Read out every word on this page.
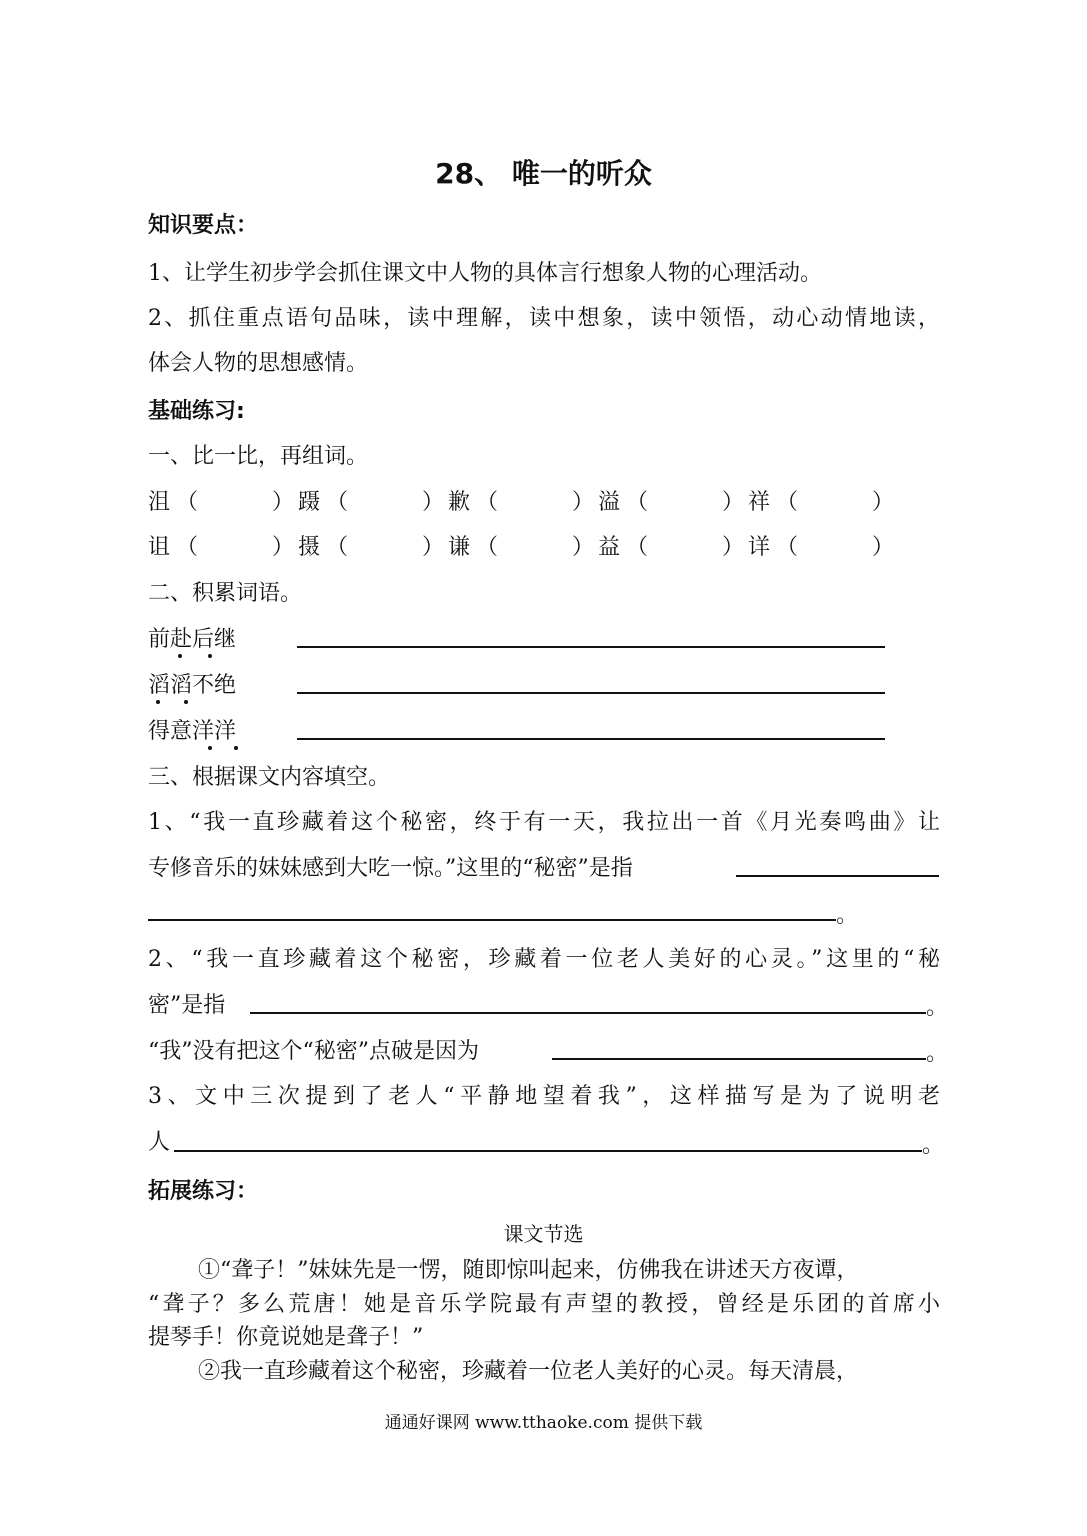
28、 唯一的听众
知识要点：
1、让学生初步学会抓住课文中人物的具体言行想象人物的心理活动。
2、抓住重点语句品味，读中理解，读中想象，读中领悟，动心动情地读，
体会人物的思想感情。
基础练习:
一、比一比，再组词。
沮 （	） 蹑 （	） 歉 （	） 溢 （	） 祥 （	）
诅 （	） 摄 （	） 谦 （	） 益 （	） 详 （	）
二、积累词语。
前赴后继
滔滔不绝
得意洋洋
三、根据课文内容填空。
1、“我一直珍藏着这个秘密，终于有一天，我拉出一首《月光奏鸣曲》让
专修音乐的妹妹感到大吃一惊。”这里的“秘密”是指
。
2、“我一直珍藏着这个秘密，珍藏着一位老人美好的心灵。”这里的“秘
密”是指	。
“我”没有把这个“秘密”点破是因为	。
3、文中三次提到了老人“平静地望着我”，这样描写是为了说明老
人	。
拓展练习：
课文节选
①“聋子！”妹妹先是一愣，随即惊叫起来，仿佛我在讲述天方夜谭，
“聋子？多么荒唐！她是音乐学院最有声望的教授，曾经是乐团的首席小
提琴手！你竟说她是聋子！”
②我一直珍藏着这个秘密，珍藏着一位老人美好的心灵。每天清晨，
通通好课网 www.tthaoke.com 提供下载
